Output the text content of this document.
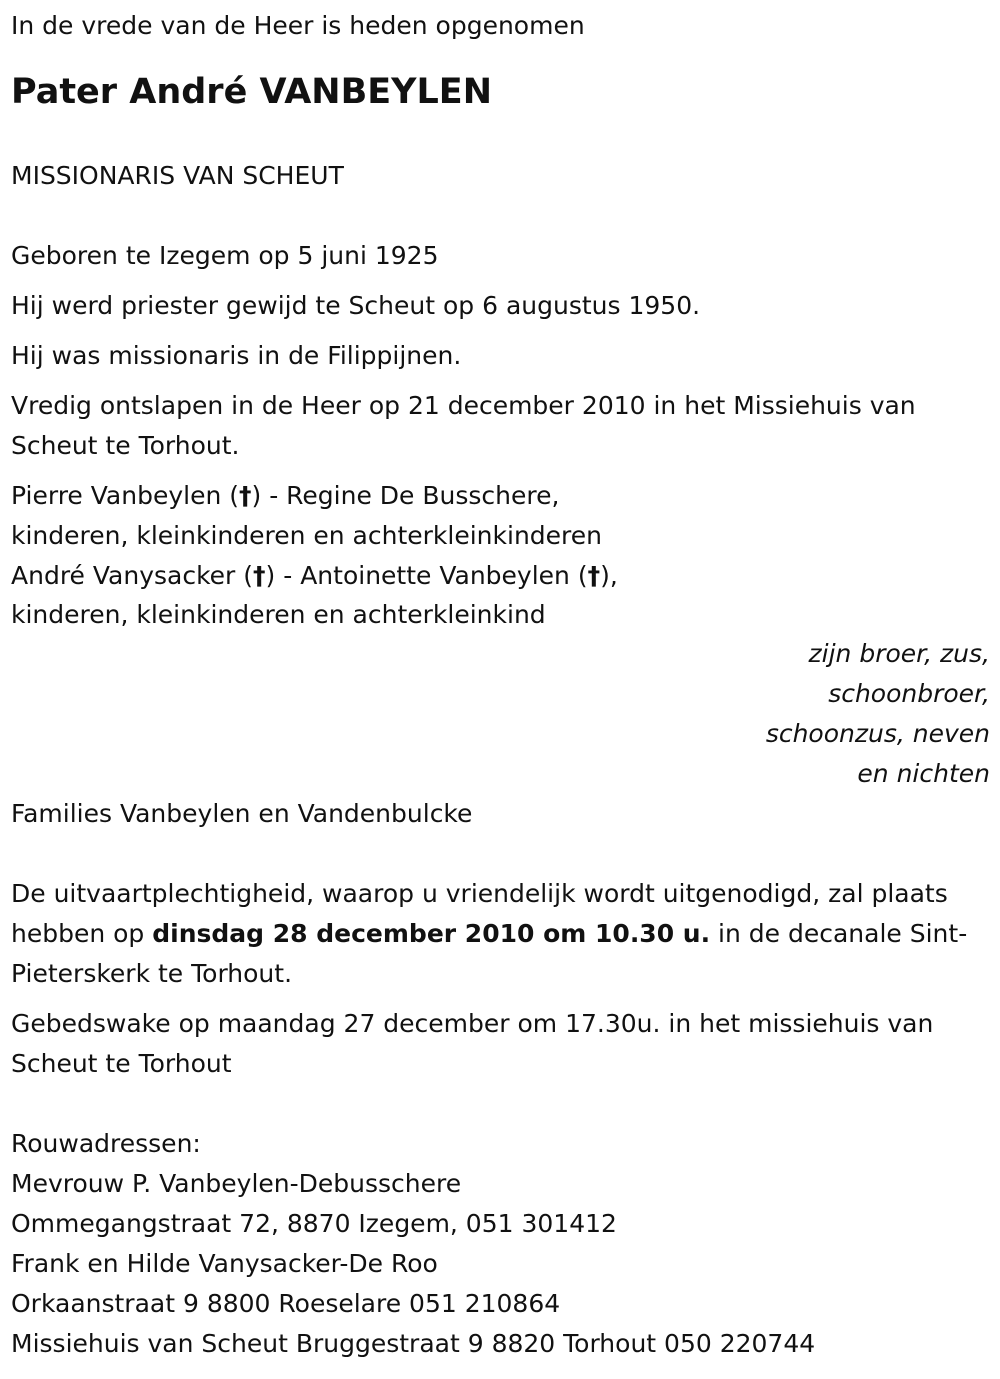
In de vrede van de Heer is heden opgenomen

Pater André VANBEYLEN

MISSIONARIS VAN SCHEUT

Geboren te Izegem op 5 juni 1925

Hij werd priester gewijd te Scheut op 6 augustus 1950.

Hij was missionaris in de Filippijnen.

Vredig ontslapen in de Heer op 21 december 2010 in het Missiehuis van Scheut te Torhout.

Pierre Vanbeylen (†) - Regine De Busschere,

kinderen, kleinkinderen en achterkleinkinderen

André Vanysacker (†) - Antoinette Vanbeylen (†),

kinderen, kleinkinderen en achterkleinkind

zijn broer, zus,

schoonbroer,

schoonzus, neven

en nichten

Families Vanbeylen en Vandenbulcke

De uitvaartplechtigheid, waarop u vriendelijk wordt uitgenodigd, zal plaats hebben op dinsdag 28 december 2010 om 10.30 u. in de decanale Sint-Pieterskerk te Torhout.

Gebedswake op maandag 27 december om 17.30u. in het missiehuis van Scheut te Torhout

Rouwadressen:

Mevrouw P. Vanbeylen-Debusschere

Ommegangstraat 72, 8870 Izegem, 051 301412

Frank en Hilde Vanysacker-De Roo

Orkaanstraat 9 8800 Roeselare 051 210864

Missiehuis van Scheut Bruggestraat 9 8820 Torhout 050 220744
